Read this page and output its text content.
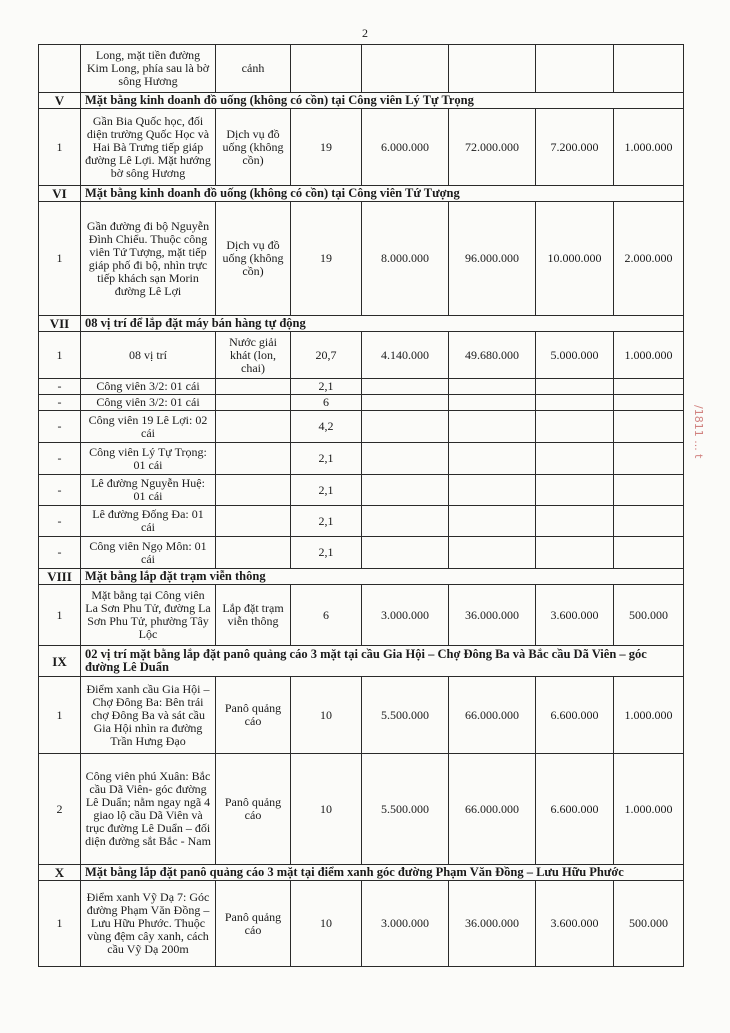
2
	Long, mặt tiền đường Kim Long, phía sau là bờ sông Hương	cảnh					
V	Mặt bằng kinh doanh đồ uống (không có cồn) tại Công viên Lý Tự Trọng						
1	Gần Bia Quốc học, đối diện trường Quốc Học và Hai Bà Trưng tiếp giáp đường Lê Lợi. Mặt hướng bờ sông Hương	Dịch vụ đồ uống (không cồn)	19	6.000.000	72.000.000	7.200.000	1.000.000
VI	Mặt bằng kinh doanh đồ uống (không có cồn) tại Công viên Tứ Tượng						
1	Gần đường đi bộ Nguyễn Đình Chiểu. Thuộc công viên Tứ Tượng, mặt tiếp giáp phố đi bộ, nhìn trực tiếp khách sạn Morin đường Lê Lợi	Dịch vụ đồ uống (không cồn)	19	8.000.000	96.000.000	10.000.000	2.000.000
VII	08 vị trí để lắp đặt máy bán hàng tự động						
1	08 vị trí	Nước giải khát (lon, chai)	20,7	4.140.000	49.680.000	5.000.000	1.000.000
-	Công viên 3/2: 01 cái		2,1				
-	Công viên 3/2: 01 cái		6				
-	Công viên 19 Lê Lợi: 02 cái		4,2				
-	Công viên Lý Tự Trọng: 01 cái		2,1				
-	Lê đường Nguyễn Huệ: 01 cái		2,1				
-	Lê đường Đống Đa: 01 cái		2,1				
-	Công viên Ngọ Môn: 01 cái		2,1				
VIII	Mặt bằng lắp đặt trạm viễn thông						
1	Mặt bằng tại Công viên La Sơn Phu Tử, đường La Sơn Phu Tử, phường Tây Lộc	Lắp đặt trạm viễn thông	6	3.000.000	36.000.000	3.600.000	500.000
IX	02 vị trí mặt bằng lắp đặt panô quảng cáo 3 mặt tại cầu Gia Hội – Chợ Đông Ba và Bắc cầu Dã Viên – góc đường Lê Duẩn						
1	Điểm xanh cầu Gia Hội – Chợ Đông Ba: Bên trái chợ Đông Ba và sát cầu Gia Hội nhìn ra đường Trần Hưng Đạo	Panô quảng cáo	10	5.500.000	66.000.000	6.600.000	1.000.000
2	Công viên phú Xuân: Bắc cầu Dã Viên- góc đường Lê Duẩn; nằm ngay ngã 4 giao lộ cầu Dã Viên và trục đường Lê Duẩn – đối diện đường sắt Bắc - Nam	Panô quảng cáo	10	5.500.000	66.000.000	6.600.000	1.000.000
X	Mặt bằng lắp đặt panô quảng cáo 3 mặt tại điểm xanh góc đường Phạm Văn Đồng – Lưu Hữu Phước						
1	Điểm xanh Vỹ Dạ 7: Góc đường Phạm Văn Đồng – Lưu Hữu Phước. Thuộc vùng đệm cây xanh, cách cầu Vỹ Dạ 200m	Panô quảng cáo	10	3.000.000	36.000.000	3.600.000	500.000
/1811 ... t
